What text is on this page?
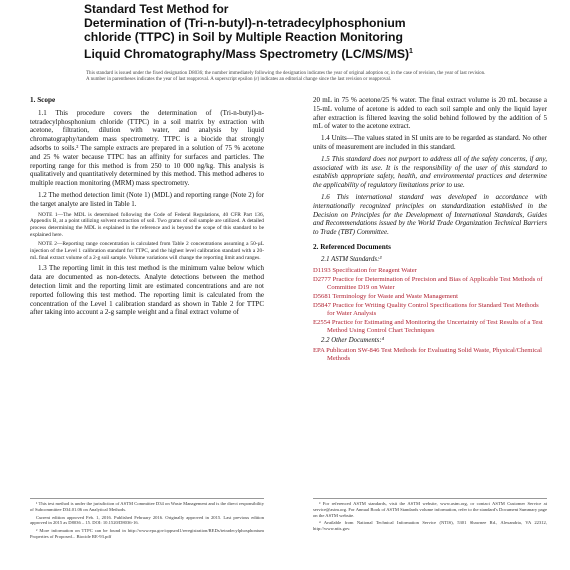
Standard Test Method for
Determination of (Tri-n-butyl)-n-tetradecylphosphonium
chloride (TTPC) in Soil by Multiple Reaction Monitoring
Liquid Chromatography/Mass Spectrometry $(LC/MS/MS)^1$
This standard is issued under the fixed designation D8036; the number immediately following the designation indicates the year of original adoption or, in the case of revision, the year of last revision. A number in parentheses indicates the year of last reapproval. A superscript epsilon (ε) indicates an editorial change since the last revision or reapproval.
1. Scope

1.1 This procedure covers the determination of (Tri-n-butyl)-n-tetradecylphosphonium chloride (TTPC) in a soil matrix by extraction with acetone, filtration, dilution with water, and analysis by liquid chromatography/tandem mass spectrometry. TTPC is a biocide that strongly adsorbs to soils.² The sample extracts are prepared in a solution of 75 % acetone and 25 % water because TTPC has an affinity for surfaces and particles. The reporting range for this method is from 250 to 10 000 ng/kg. This analysis is qualitatively and quantitatively determined by this method. This method adheres to multiple reaction monitoring (MRM) mass spectrometry.

1.2 The method detection limit (Note 1) (MDL) and reporting range (Note 2) for the target analyte are listed in Table 1.

NOTE 1—The MDL is determined following the Code of Federal Regulations, 40 CFR Part 136, Appendix B, at a point utilizing solvent extraction of soil. Two grams of soil sample are utilized. A detailed process determining the MDL is explained in the reference and is beyond the scope of this standard to be explained here.

NOTE 2—Reporting range concentration is calculated from Table 2 concentrations assuming a 50-µL injection of the Level 1 calibration standard for TTPC, and the highest level calibration standard with a 20-mL final extract volume of a 2-g soil sample. Volume variations will change the reporting limit and ranges.

1.3 The reporting limit in this test method is the minimum value below which data are documented as non-detects. Analyte detections between the method detection limit and the reporting limit are estimated concentrations and are not reported following this test method. The reporting limit is calculated from the concentration of the Level 1 calibration standard as shown in Table 2 for TTPC after taking into account a 2-g sample weight and a final extract volume of

¹ This test method is under the jurisdiction of ASTM Committee D34 on Waste Management and is the direct responsibility of Subcommittee D34.01.06 on Analytical Methods.

Current edition approved Feb. 1, 2016. Published February 2016. Originally approved in 2015. Last previous edition approved in 2015 as D8036 – 15. DOI: 10.1520/D8036-16.

² More information on TTPC can be found in http://www.epa.gov/oppsrrd1/reregistration/REDs/tetradecylphosphonium Properties of Proposed... Biocide RE-93.pdf

20 mL in 75 % acetone/25 % water. The final extract volume is 20 mL because a 15-mL volume of acetone is added to each soil sample and only the liquid layer after extraction is filtered leaving the solid behind followed by the addition of 5 mL of water to the acetone extract.

1.4 Units—The values stated in SI units are to be regarded as standard. No other units of measurement are included in this standard.

1.5 This standard does not purport to address all of the safety concerns, if any, associated with its use. It is the responsibility of the user of this standard to establish appropriate safety, health, and environmental practices and determine the applicability of regulatory limitations prior to use.

1.6 This international standard was developed in accordance with internationally recognized principles on standardization established in the Decision on Principles for the Development of International Standards, Guides and Recommendations issued by the World Trade Organization Technical Barriers to Trade (TBT) Committee.

2. Referenced Documents
2.1 ASTM Standards:³
D1193 Specification for Reagent Water
D2777 Practice for Determination of Precision and Bias of Applicable Test Methods of Committee D19 on Water
D5681 Terminology for Waste and Waste Management
D5847 Practice for Writing Quality Control Specifications for Standard Test Methods for Water Analysis
E2554 Practice for Estimating and Monitoring the Uncertainty of Test Results of a Test Method Using Control Chart Techniques
2.2 Other Documents:⁴
EPA Publication SW-846 Test Methods for Evaluating Solid Waste, Physical/Chemical Methods

³ For referenced ASTM standards, visit the ASTM website, www.astm.org, or contact ASTM Customer Service at service@astm.org. For Annual Book of ASTM Standards volume information, refer to the standard's Document Summary page on the ASTM website.

⁴ Available from National Technical Information Service (NTIS), 5301 Shawnee Rd., Alexandria, VA 22312, http://www.ntis.gov.
